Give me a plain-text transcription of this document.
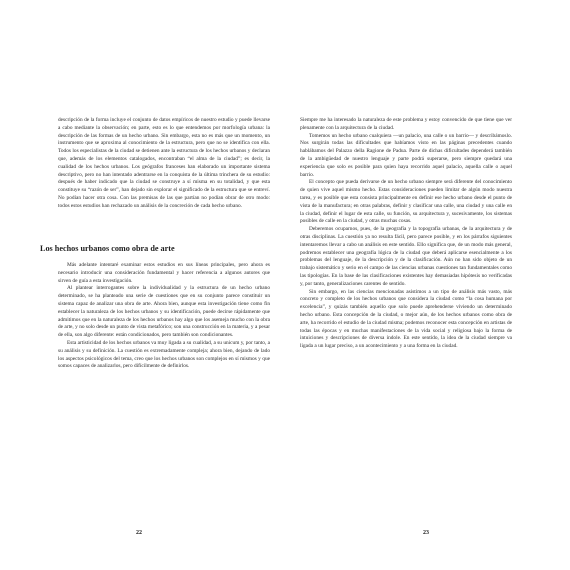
descripción de la forma incluye el conjunto de datos empíricos de nuestro estudio y puede llevarse a cabo mediante la observación; en parte, esto es lo que entendemos por morfología urbana: la descripción de las formas de un hecho urbano. Sin embargo, esta no es más que un momento, un instrumento que se aproxima al conocimiento de la estructura, pero que no se identifica con ella. Todos los especialistas de la ciudad se detienen ante la estructura de los hechos urbanos y declaran que, además de los elementos catalogados, encontraban “el alma de la ciudad”; es decir, la cualidad de los hechos urbanos. Los geógrafos franceses han elaborado un importante sistema descriptivo, pero no han intentado adentrarse en la conquista de la última trinchera de su estudio: después de haber indicado que la ciudad se construye a sí misma en su totalidad, y que esta constituye su “razón de ser”, han dejado sin explorar el significado de la estructura que se entreví. No podían hacer otra cosa. Con las premisas de las que partían no podían obrar de otro modo: todos estos estudios han rechazado un análisis de la concreción de cada hecho urbano.

Los hechos urbanos como obra de arte

Más adelante intentaré examinar estos estudios en sus líneas principales, pero ahora es necesario introducir una consideración fundamental y hacer referencia a algunos autores que sirven de guía a esta investigación.

Al plantear interrogantes sobre la individualidad y la estructura de un hecho urbano determinado, se ha planteado una serie de cuestiones que en su conjunto parece constituir un sistema capaz de analizar una obra de arte. Ahora bien, aunque esta investigación tiene como fin establecer la naturaleza de los hechos urbanos y su identificación, puede decirse rápidamente que admitimos que en la naturaleza de los hechos urbanos hay algo que los asemeja mucho con la obra de arte, y no solo desde un punto de vista metafórico; son una construcción en la materia, y a pesar de ella, son algo diferente: están condicionados, pero también son condicionantes.

Esta artisticidad de los hechos urbanos va muy ligada a su cualidad, a su unicum y, por tanto, a su análisis y su definición. La cuestión es extremadamente compleja; ahora bien, dejando de lado los aspectos psicológicos del tema, creo que los hechos urbanos son complejos en sí mismos y que somos capaces de analizarlos, pero difícilmente de definirlos.

22

Siempre me ha interesado la naturaleza de este problema y estoy convencido de que tiene que ver plenamente con la arquitectura de la ciudad.

Tomemos un hecho urbano cualquiera —un palacio, una calle o un barrio— y describámoslo. Nos surgirán todas las dificultades que habíamos visto en las páginas precedentes cuando hablábamos del Palazzo della Ragione de Padua. Parte de dichas dificultades dependerá también de la ambigüedad de nuestro lenguaje y parte podrá superarse, pero siempre quedará una experiencia que solo es posible para quien haya recorrido aquel palacio, aquella calle o aquel barrio.

El concepto que pueda derivarse de un hecho urbano siempre será diferente del conocimiento de quien vive aquel mismo hecho. Estas consideraciones pueden limitar de algún modo nuestra tarea, y es posible que esta consista principalmente en definir ese hecho urbano desde el punto de vista de la manufactura; en otras palabras, definir y clasificar una calle, una ciudad y una calle en la ciudad, definir el lugar de esta calle, su función, su arquitectura y, sucesivamente, los sistemas posibles de calle en la ciudad, y otras muchas cosas.

Deberemos ocuparnos, pues, de la geografía y la topografía urbanas, de la arquitectura y de otras disciplinas. La cuestión ya no resulta fácil, pero parece posible, y en los párrafos siguientes intentaremos llevar a cabo un análisis en este sentido. Ello significa que, de un modo más general, podremos establecer una geografía lógica de la ciudad que deberá aplicarse esencialmente a los problemas del lenguaje, de la descripción y de la clasificación. Aún no han sido objeto de un trabajo sistemático y serio en el campo de las ciencias urbanas cuestiones tan fundamentales como las tipologías. En la base de las clasificaciones existentes hay demasiadas hipótesis no verificadas y, por tanto, generalizaciones carentes de sentido.

Sin embargo, en las ciencias mencionadas asistimos a un tipo de análisis más vasto, más concreto y completo de los hechos urbanos que considera la ciudad como “la cosa humana por excelencia”, y quizás también aquello que solo puede aprehenderse viviendo un determinado hecho urbano. Esta concepción de la ciudad, o mejor aún, de los hechos urbanos como obra de arte, ha recorrido el estudio de la ciudad misma; podemos reconocer esta concepción en artistas de todas las épocas y en muchas manifestaciones de la vida social y religiosa bajo la forma de intuiciones y descripciones de diversa índole. En este sentido, la idea de la ciudad siempre va ligada a un lugar preciso, a un acontecimiento y a una forma en la ciudad.

23
